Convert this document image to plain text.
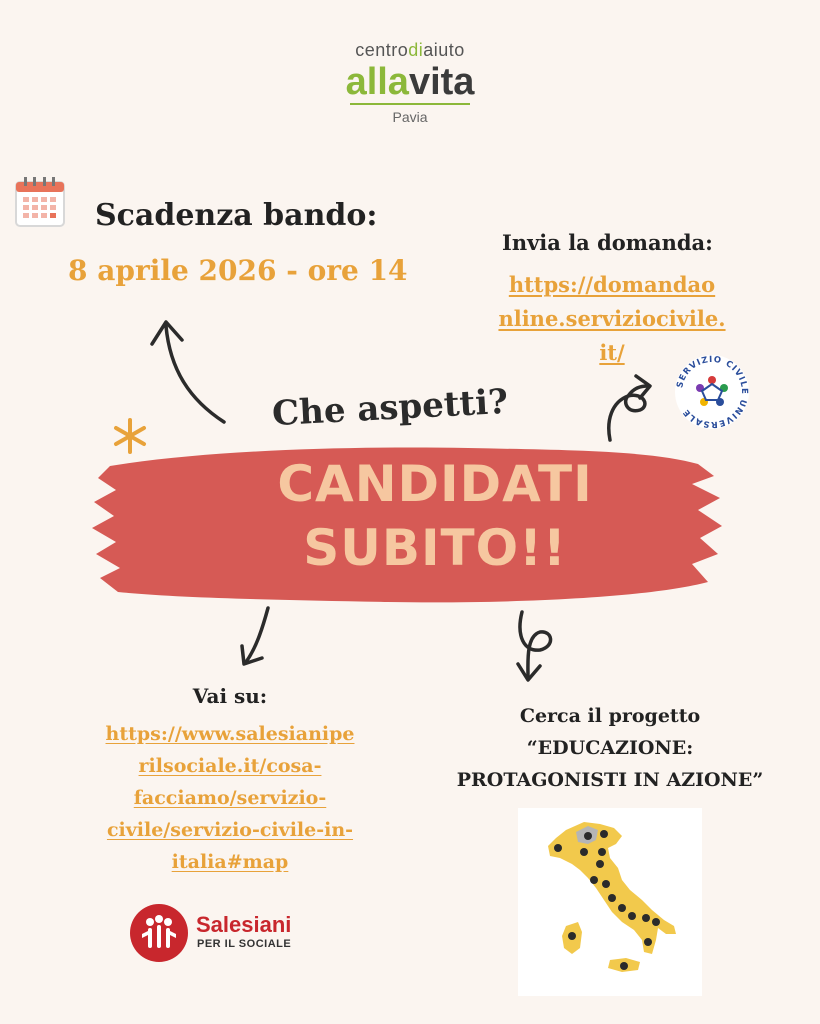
centrodiaiuto
allavita
Pavia
Scadenza bando:
8 aprile 2026 - ore 14
Invia la domanda:
https://domandao
nline.serviziocivile.
it/
SERVIZIO CIVILE UNIVERSALE
Che aspetti?
CANDIDATI
SUBITO!!
Vai su:
https://www.salesianipe
rilsociale.it/cosa-
facciamo/servizio-
civile/servizio-civile-in-
italia#map
Cerca il progetto
“EDUCAZIONE:
PROTAGONISTI IN AZIONE”
Salesiani
PER IL SOCIALE
